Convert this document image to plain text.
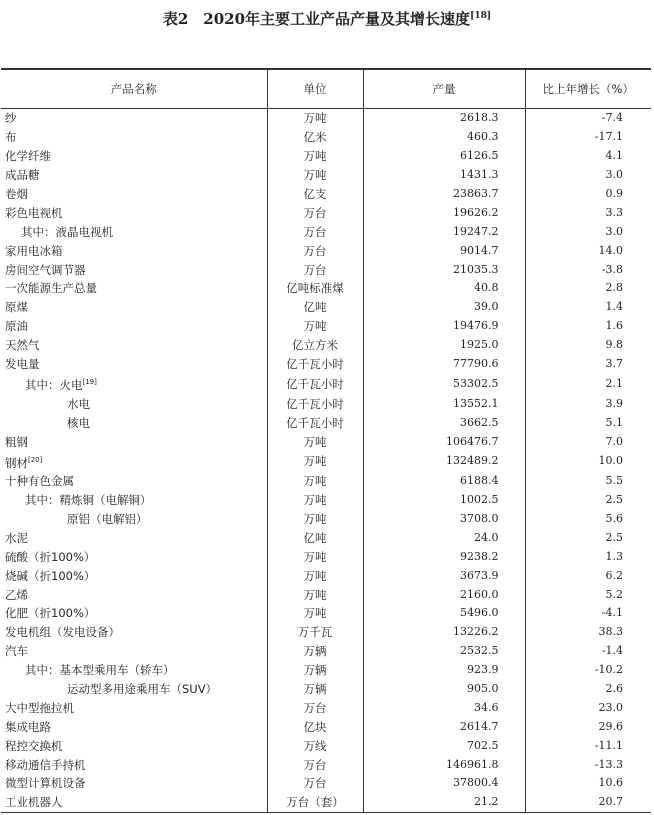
表2　2020年主要工业产品产量及其增长速度[18]
产品名称	单位	产量	比上年增长（%）
纱	万吨	2618.3	-7.4
布	亿米	460.3	-17.1
化学纤维	万吨	6126.5	4.1
成品糖	万吨	1431.3	3.0
卷烟	亿支	23863.7	0.9
彩色电视机	万台	19626.2	3.3
其中：液晶电视机	万台	19247.2	3.0
家用电冰箱	万台	9014.7	14.0
房间空气调节器	万台	21035.3	-3.8
一次能源生产总量	亿吨标准煤	40.8	2.8
原煤	亿吨	39.0	1.4
原油	万吨	19476.9	1.6
天然气	亿立方米	1925.0	9.8
发电量	亿千瓦小时	77790.6	3.7
其中：火电[19]	亿千瓦小时	53302.5	2.1
水电	亿千瓦小时	13552.1	3.9
核电	亿千瓦小时	3662.5	5.1
粗钢	万吨	106476.7	7.0
钢材[20]	万吨	132489.2	10.0
十种有色金属	万吨	6188.4	5.5
其中：精炼铜（电解铜）	万吨	1002.5	2.5
原铝（电解铝）	万吨	3708.0	5.6
水泥	亿吨	24.0	2.5
硫酸（折100%）	万吨	9238.2	1.3
烧碱（折100%）	万吨	3673.9	6.2
乙烯	万吨	2160.0	5.2
化肥（折100%）	万吨	5496.0	-4.1
发电机组（发电设备）	万千瓦	13226.2	38.3
汽车	万辆	2532.5	-1.4
其中：基本型乘用车（轿车）	万辆	923.9	-10.2
运动型多用途乘用车（SUV）	万辆	905.0	2.6
大中型拖拉机	万台	34.6	23.0
集成电路	亿块	2614.7	29.6
程控交换机	万线	702.5	-11.1
移动通信手持机	万台	146961.8	-13.3
微型计算机设备	万台	37800.4	10.6
工业机器人	万台（套）	21.2	20.7
